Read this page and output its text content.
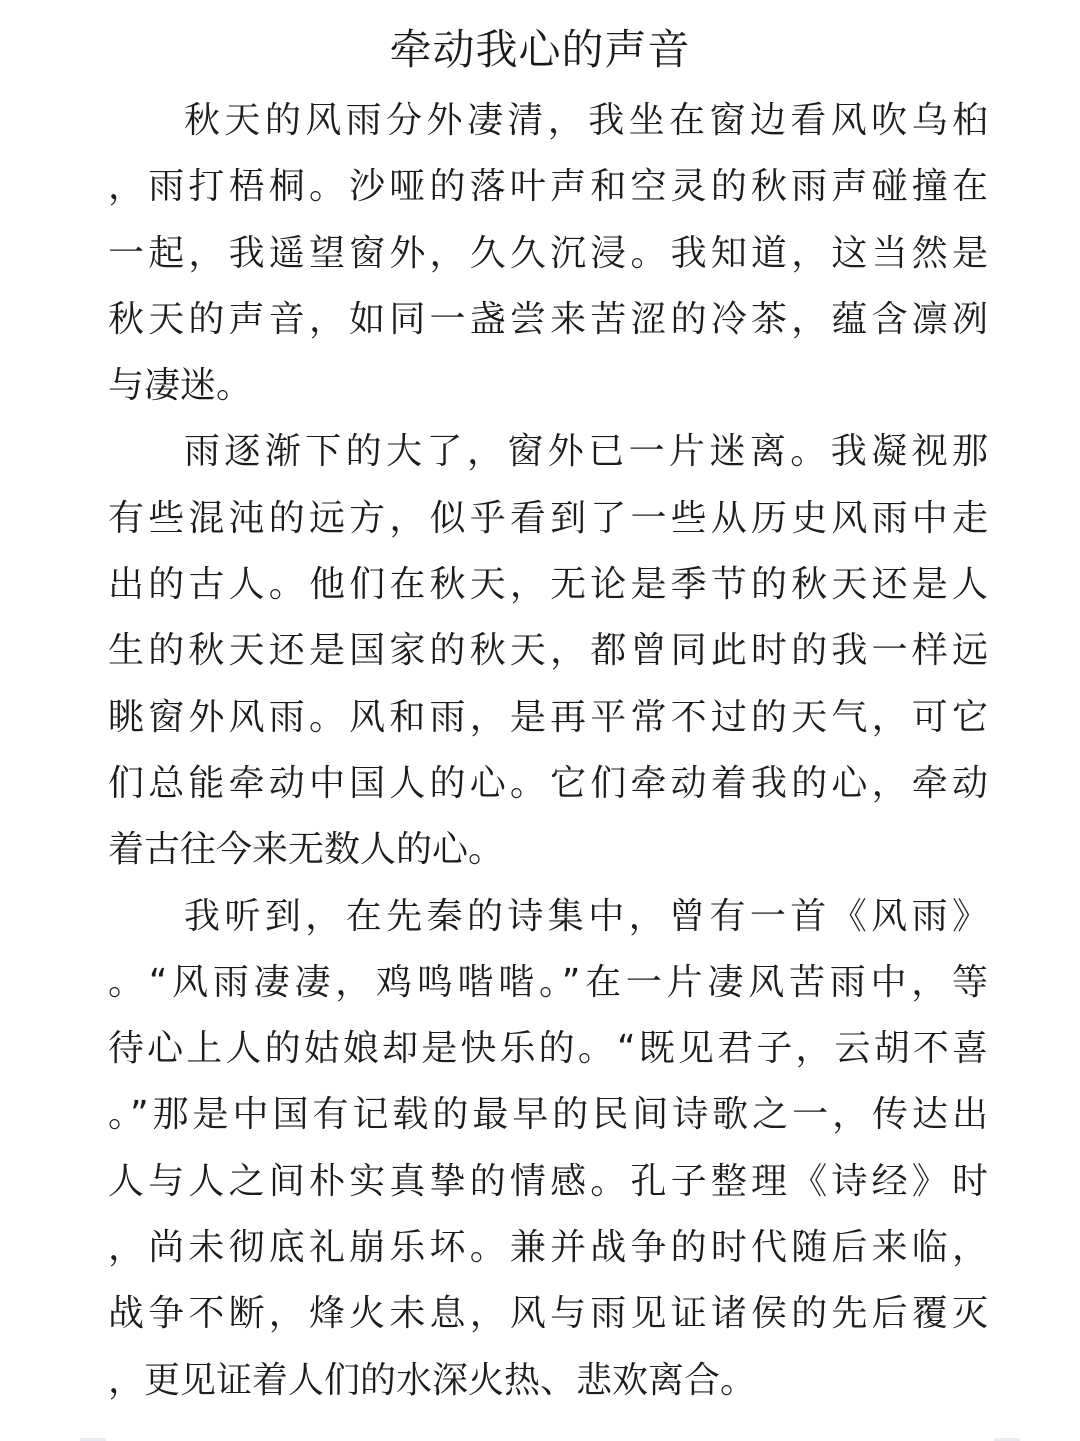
牵动我心的声音
秋天的风雨分外凄清，我坐在窗边看风吹乌桕
，雨打梧桐。沙哑的落叶声和空灵的秋雨声碰撞在
一起，我遥望窗外，久久沉浸。我知道，这当然是
秋天的声音，如同一盏尝来苦涩的冷茶，蕴含凛冽
与凄迷。
雨逐渐下的大了，窗外已一片迷离。我凝视那
有些混沌的远方，似乎看到了一些从历史风雨中走
出的古人。他们在秋天，无论是季节的秋天还是人
生的秋天还是国家的秋天，都曾同此时的我一样远
眺窗外风雨。风和雨，是再平常不过的天气，可它
们总能牵动中国人的心。它们牵动着我的心，牵动
着古往今来无数人的心。
我听到，在先秦的诗集中，曾有一首《风雨》
。“风雨凄凄，鸡鸣喈喈。”在一片凄风苦雨中，等
待心上人的姑娘却是快乐的。“既见君子，云胡不喜
。”那是中国有记载的最早的民间诗歌之一，传达出
人与人之间朴实真挚的情感。孔子整理《诗经》时
，尚未彻底礼崩乐坏。兼并战争的时代随后来临，
战争不断，烽火未息，风与雨见证诸侯的先后覆灭
，更见证着人们的水深火热、悲欢离合。
